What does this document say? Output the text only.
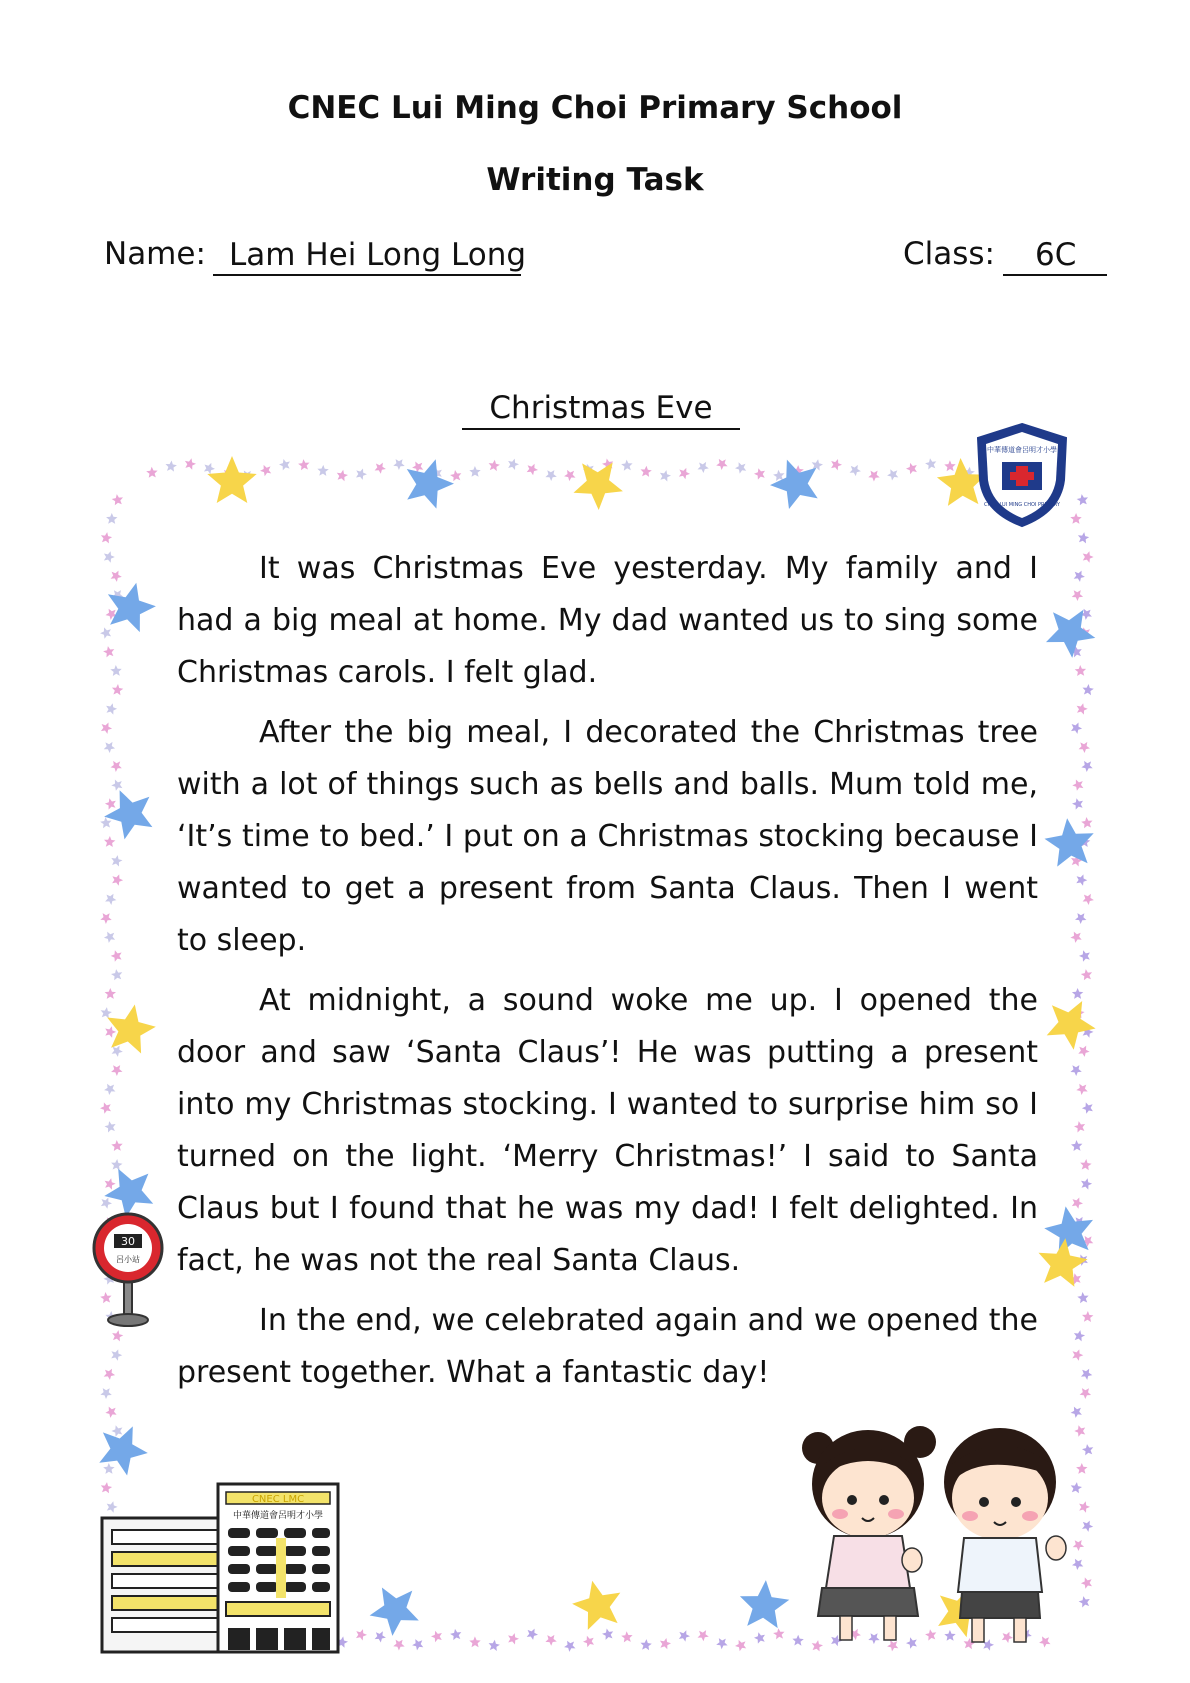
CNEC Lui Ming Choi Primary School
Writing Task
Name: Lam Hei Long Long	Class:	6C
Christmas Eve
中華傳道會呂明才小學
CNEC LUI MING CHOI PRIMARY
30
呂小站
CNEC LMC
中華傳道會呂明才小學

It was Christmas Eve yesterday. My family and I had a big meal at home. My dad wanted us to sing some Christmas carols. I felt glad.

After the big meal, I decorated the Christmas tree with a lot of things such as bells and balls. Mum told me, ‘It’s time to bed.’ I put on a Christmas stocking because I wanted to get a present from Santa Claus. Then I went to sleep.

At midnight, a sound woke me up. I opened the door and saw ‘Santa Claus’! He was putting a present into my Christmas stocking. I wanted to surprise him so I turned on the light. ‘Merry Christmas!’ I said to Santa Claus but I found that he was my dad! I felt delighted. In fact, he was not the real Santa Claus.

In the end, we celebrated again and we opened the present together. What a fantastic day!
